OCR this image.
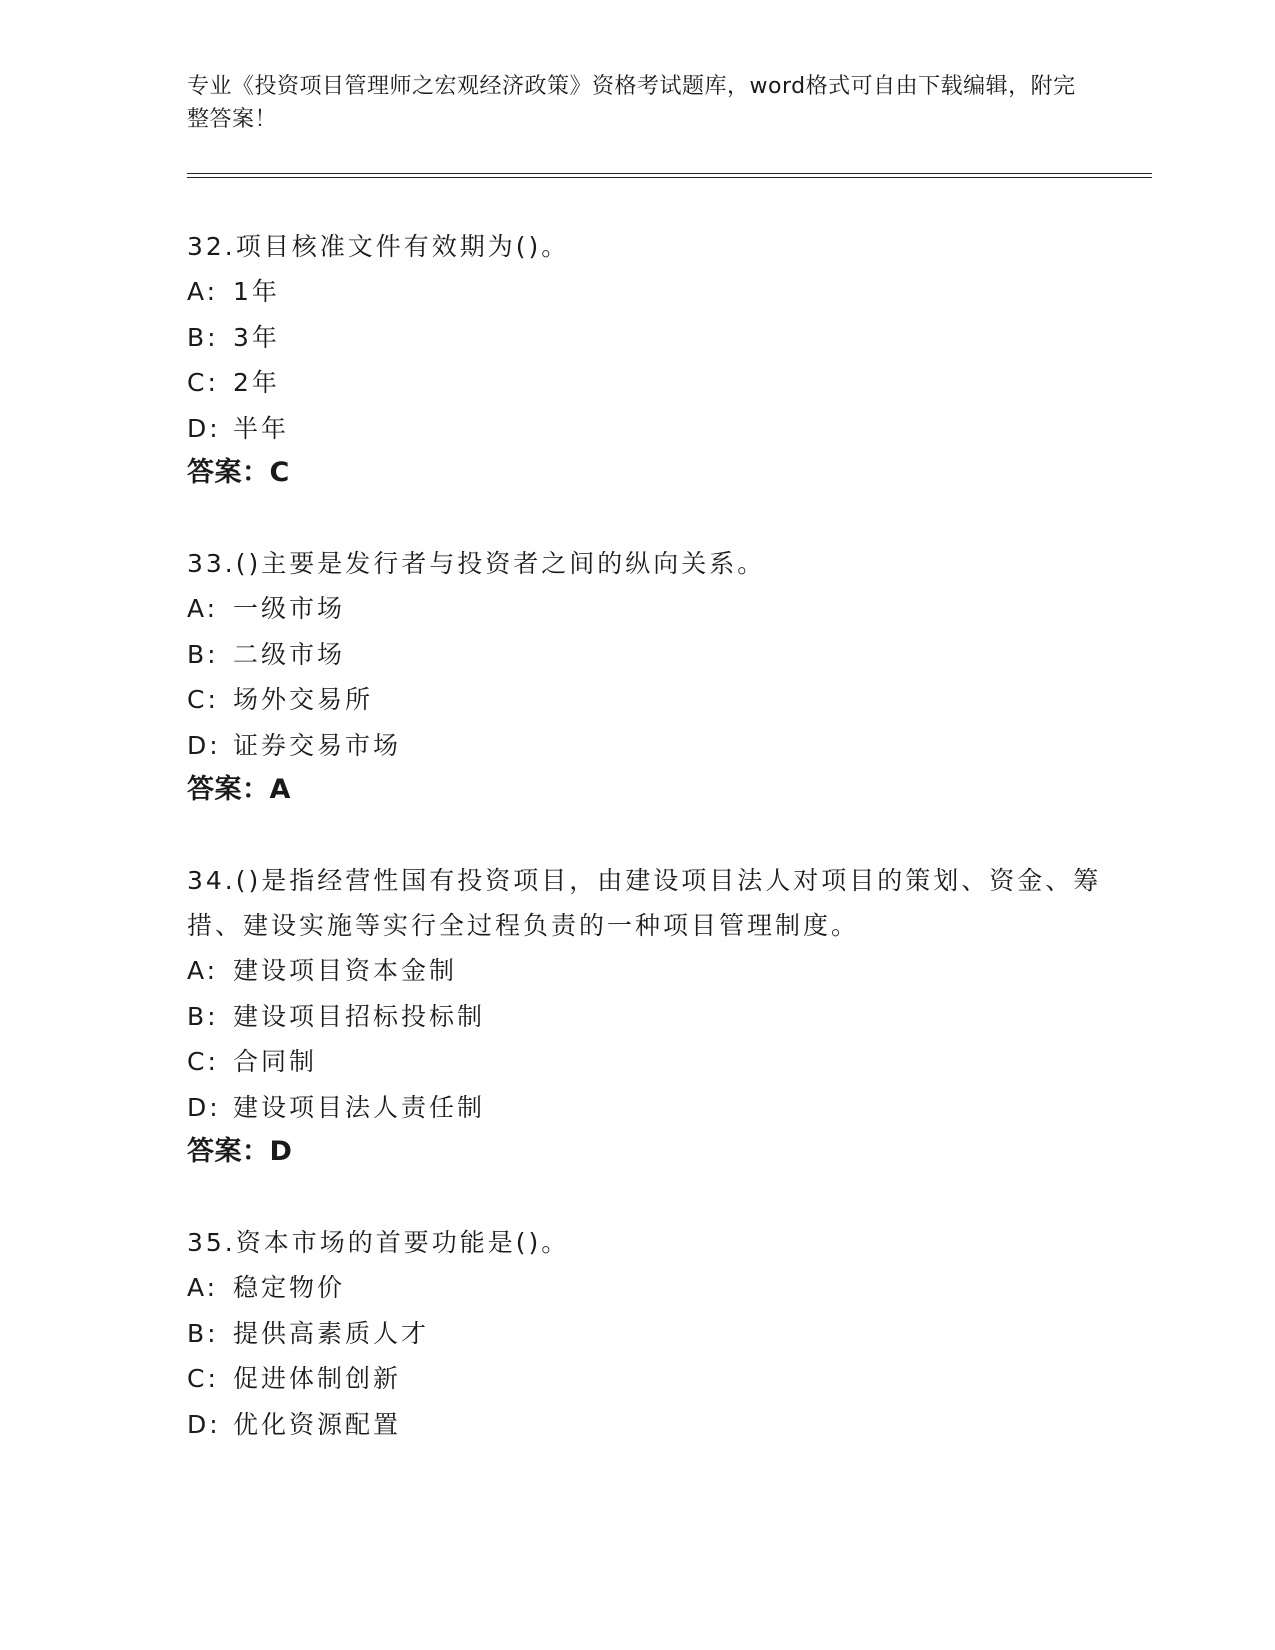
专业《投资项目管理师之宏观经济政策》资格考试题库，word格式可自由下载编辑，附完整答案！

32.项目核准文件有效期为()。

A: 1年

B: 3年

C: 2年

D: 半年

答案：C

33.()主要是发行者与投资者之间的纵向关系。

A: 一级市场

B: 二级市场

C: 场外交易所

D: 证券交易市场

答案：A

34.()是指经营性国有投资项目，由建设项目法人对项目的策划、资金、筹措、建设实施等实行全过程负责的一种项目管理制度。

A: 建设项目资本金制

B: 建设项目招标投标制

C: 合同制

D: 建设项目法人责任制

答案：D

35.资本市场的首要功能是()。

A: 稳定物价

B: 提供高素质人才

C: 促进体制创新

D: 优化资源配置
